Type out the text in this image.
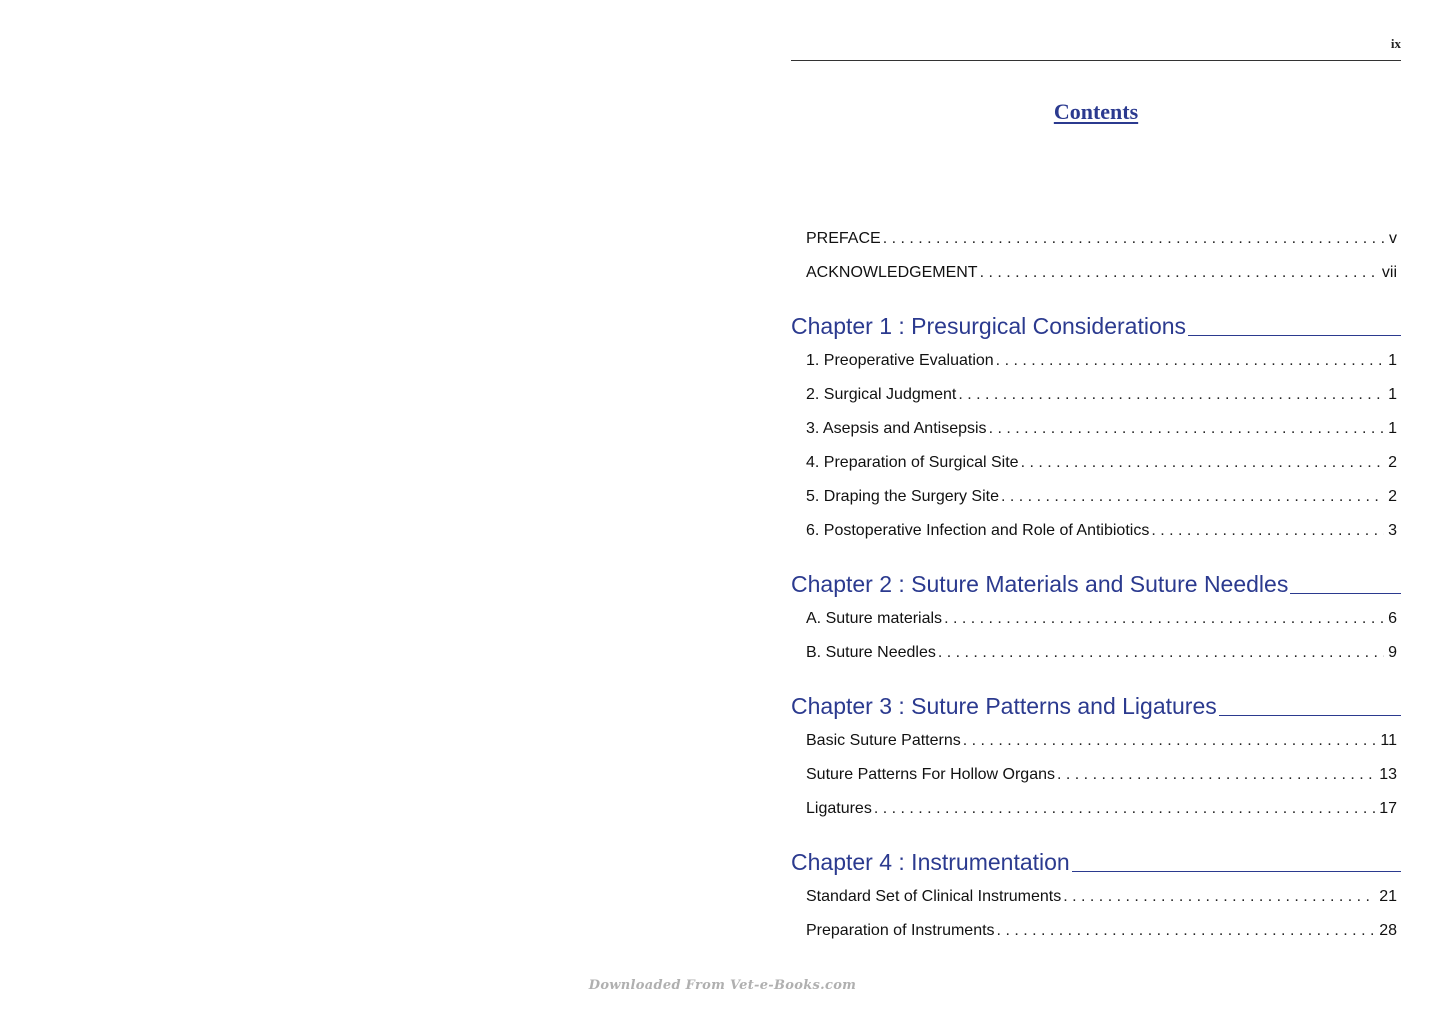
ix
Contents
PREFACE . . .	v
ACKNOWLEDGEMENT . . .	vii
Chapter 1 : Presurgical Considerations
1. Preoperative Evaluation . . .	1
2. Surgical Judgment . . .	1
3. Asepsis and Antisepsis . . .	1
4. Preparation of Surgical Site . . .	2
5. Draping the Surgery Site . . .	2
6. Postoperative Infection and Role of Antibiotics . . .	3
Chapter 2 : Suture Materials and Suture Needles
A. Suture materials . . .	6
B. Suture Needles . . .	9
Chapter 3 : Suture Patterns and Ligatures
Basic Suture Patterns . . .	11
Suture Patterns For Hollow Organs . . .	13
Ligatures . . .	17
Chapter 4 : Instrumentation
Standard Set of Clinical Instruments . . .	21
Preparation of Instruments . . .	28
Downloaded From Vet-e-Books.com
